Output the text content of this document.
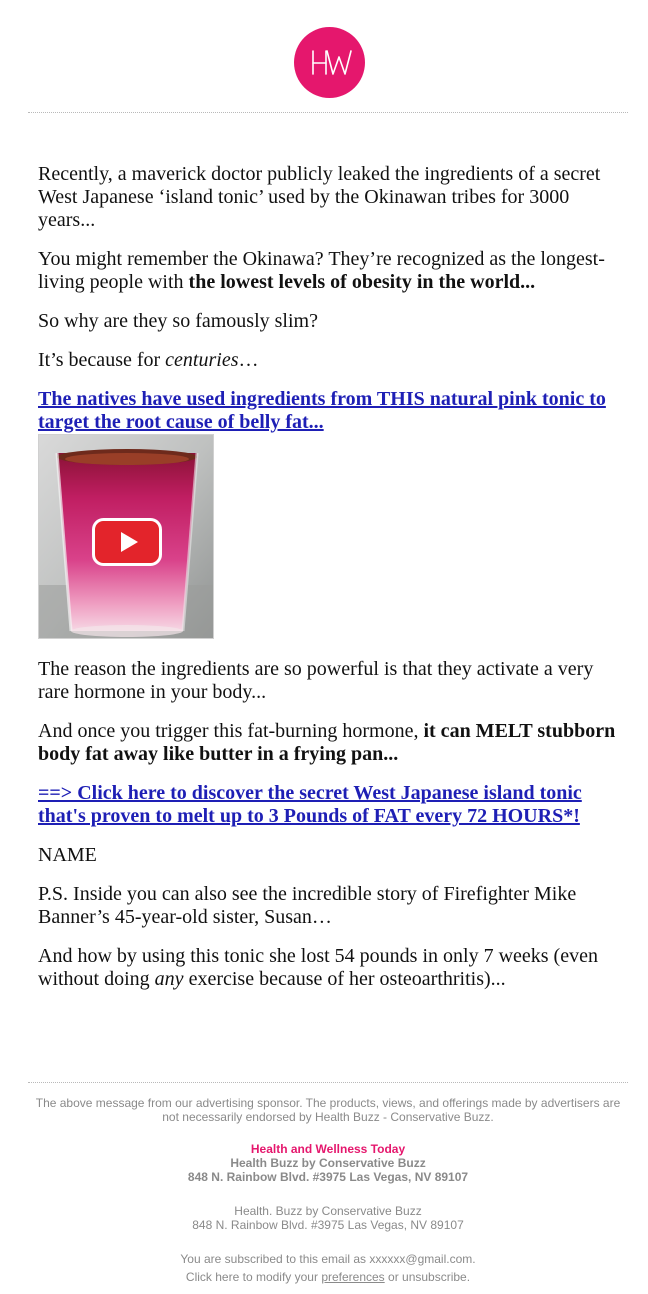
Recently, a maverick doctor publicly leaked the ingredients of a secret West Japanese ‘island tonic’ used by the Okinawan tribes for 3000 years...

You might remember the Okinawa? They’re recognized as the longest-living people with the lowest levels of obesity in the world...

So why are they so famously slim?

It’s because for centuries…

The natives have used ingredients from THIS natural pink tonic to target the root cause of belly fat...

The reason the ingredients are so powerful is that they activate a very rare hormone in your body...

And once you trigger this fat-burning hormone, it can MELT stubborn body fat away like butter in a frying pan...

==> Click here to discover the secret West Japanese island tonic that's proven to melt up to 3 Pounds of FAT every 72 HOURS*!

NAME

P.S. Inside you can also see the incredible story of Firefighter Mike Banner’s 45-year-old sister, Susan…

And how by using this tonic she lost 54 pounds in only 7 weeks (even without doing any exercise because of her osteoarthritis)...

The above message from our advertising sponsor. The products, views, and offerings made by advertisers are not necessarily endorsed by Health Buzz - Conservative Buzz.
Health and Wellness Today
Health Buzz by Conservative Buzz
848 N. Rainbow Blvd. #3975 Las Vegas, NV 89107
Health. Buzz by Conservative Buzz
848 N. Rainbow Blvd. #3975 Las Vegas, NV 89107
You are subscribed to this email as xxxxxx@gmail.com.
Click here to modify your preferences or unsubscribe.
